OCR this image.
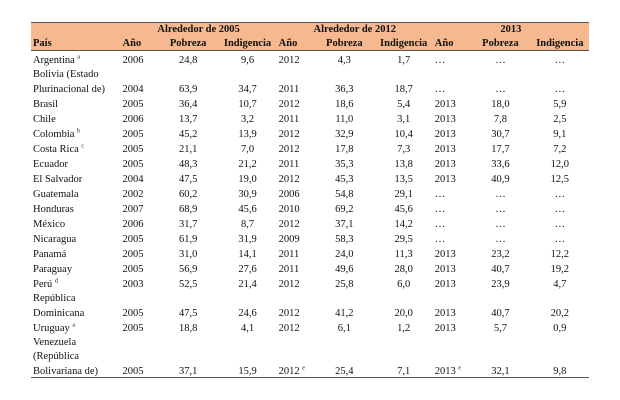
	Alrededor de 2005			Alrededor de 2012			2013		
País	Año	Pobreza	Indigencia	Año	Pobreza	Indigencia	Año	Pobreza	Indigencia
Argentina $^a$	2006	24,8	9,6	2012	4,3	1,7	…	…	…
Bolivia (Estado									
Plurinacional de)	2004	63,9	34,7	2011	36,3	18,7	…	…	…
Brasil	2005	36,4	10,7	2012	18,6	5,4	2013	18,0	5,9
Chile	2006	13,7	3,2	2011	11,0	3,1	2013	7,8	2,5
Colombia $^b$	2005	45,2	13,9	2012	32,9	10,4	2013	30,7	9,1
Costa Rica $^c$	2005	21,1	7,0	2012	17,8	7,3	2013	17,7	7,2
Ecuador	2005	48,3	21,2	2011	35,3	13,8	2013	33,6	12,0
El Salvador	2004	47,5	19,0	2012	45,3	13,5	2013	40,9	12,5
Guatemala	2002	60,2	30,9	2006	54,8	29,1	…	…	…
Honduras	2007	68,9	45,6	2010	69,2	45,6	…	…	…
México	2006	31,7	8,7	2012	37,1	14,2	…	…	…
Nicaragua	2005	61,9	31,9	2009	58,3	29,5	…	…	…
Panamá	2005	31,0	14,1	2011	24,0	11,3	2013	23,2	12,2
Paraguay	2005	56,9	27,6	2011	49,6	28,0	2013	40,7	19,2
Perú $^d$	2003	52,5	21,4	2012	25,8	6,0	2013	23,9	4,7
República									
Dominicana	2005	47,5	24,6	2012	41,2	20,0	2013	40,7	20,2
Uruguay $^a$	2005	18,8	4,1	2012	6,1	1,2	2013	5,7	0,9
Venezuela									
(República									
Bolivariana de)	2005	37,1	15,9	2012 $^e$	25,4	7,1	2013 $^e$	32,1	9,8
